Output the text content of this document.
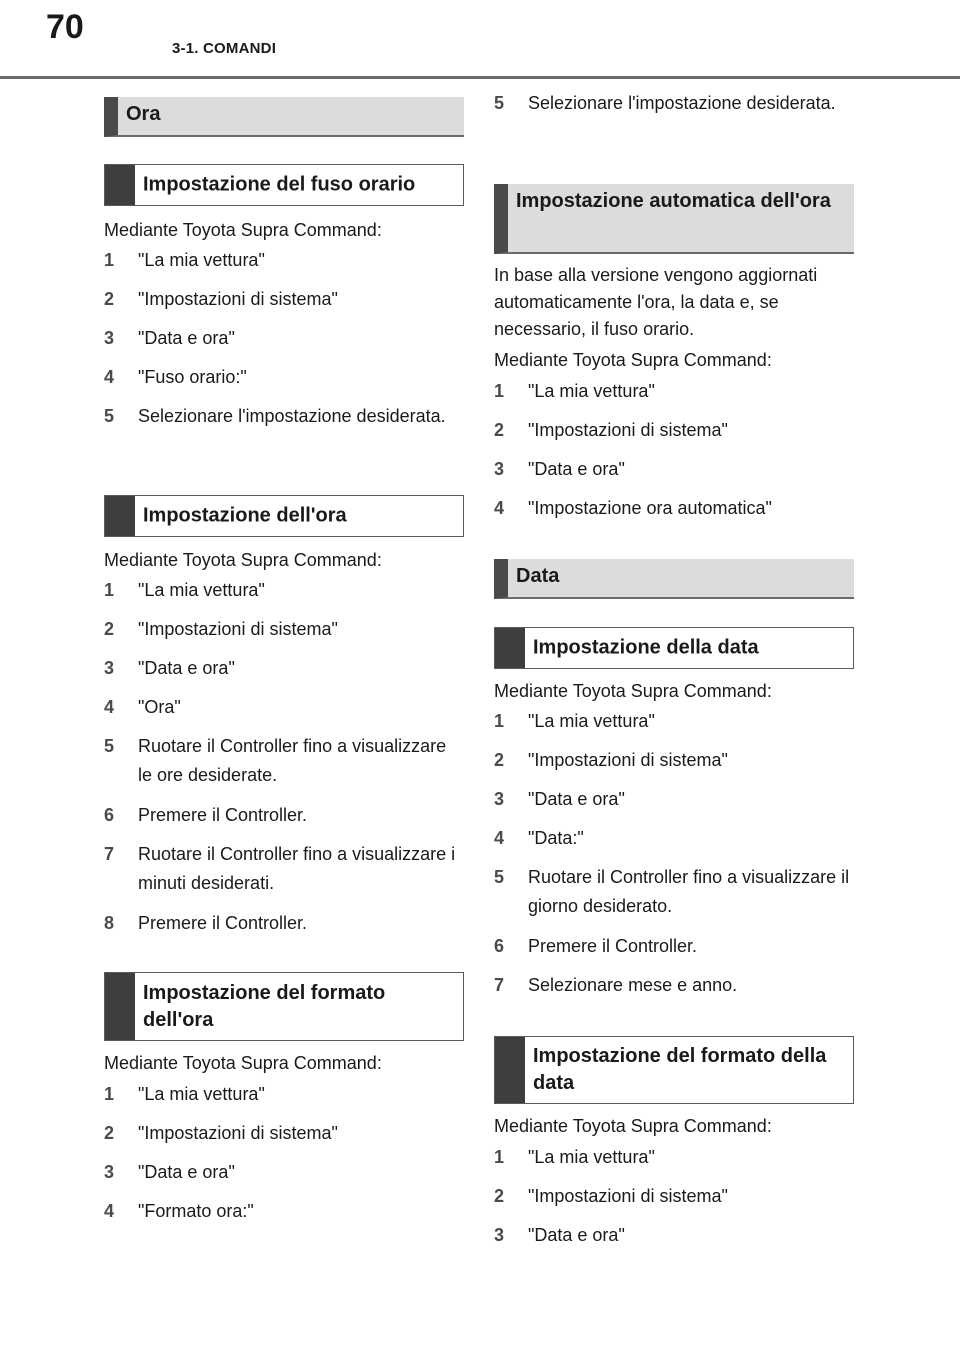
70
3-1. COMANDI
Ora
Impostazione del fuso orario
Mediante Toyota Supra Command:
1	"La mia vettura"
2	"Impostazioni di sistema"
3	"Data e ora"
4	"Fuso orario:"
5	Selezionare l'impostazione desiderata.
Impostazione dell'ora
Mediante Toyota Supra Command:
1	"La mia vettura"
2	"Impostazioni di sistema"
3	"Data e ora"
4	"Ora"
5	Ruotare il Controller fino a visualizzare le ore desiderate.
6	Premere il Controller.
7	Ruotare il Controller fino a visualizzare i minuti desiderati.
8	Premere il Controller.
Impostazione del formato dell'ora
Mediante Toyota Supra Command:
1	"La mia vettura"
2	"Impostazioni di sistema"
3	"Data e ora"
4	"Formato ora:"
5	Selezionare l'impostazione desiderata.
Impostazione automatica dell'ora
In base alla versione vengono aggiornati automaticamente l'ora, la data e, se necessario, il fuso orario.
Mediante Toyota Supra Command:
1	"La mia vettura"
2	"Impostazioni di sistema"
3	"Data e ora"
4	"Impostazione ora automatica"
Data
Impostazione della data
Mediante Toyota Supra Command:
1	"La mia vettura"
2	"Impostazioni di sistema"
3	"Data e ora"
4	"Data:"
5	Ruotare il Controller fino a visualizzare il giorno desiderato.
6	Premere il Controller.
7	Selezionare mese e anno.
Impostazione del formato della data
Mediante Toyota Supra Command:
1	"La mia vettura"
2	"Impostazioni di sistema"
3	"Data e ora"
